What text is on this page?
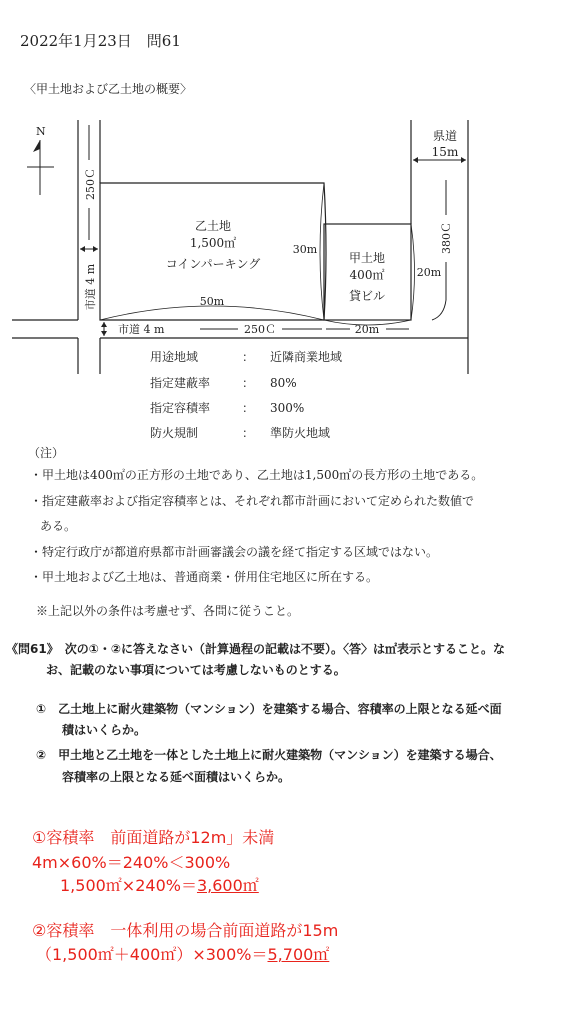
2022年1月23日　問61
〈甲土地および乙土地の概要〉
N
250Ｃ
市道 4 m
乙土地
1,500㎡
コインパーキング
30m
50m
甲土地
400㎡
貸ビル
20m
県道
15m
380Ｃ
市道 4 m	250Ｃ	20m
用途地域	： 近隣商業地域
指定建蔽率	： 80%
指定容積率	： 300%
防火規制	： 準防火地域
（注）
・甲土地は400㎡の正方形の土地であり、乙土地は1,500㎡の長方形の土地である。
・指定建蔽率および指定容積率とは、それぞれ都市計画において定められた数値で
ある。
・特定行政庁が都道府県都市計画審議会の議を経て指定する区域ではない。
・甲土地および乙土地は、普通商業・併用住宅地区に所在する。
※上記以外の条件は考慮せず、各問に従うこと。
《問61》　次の①・②に答えなさい（計算過程の記載は不要）。〈答〉は㎡表示とすること。な
お、記載のない事項については考慮しないものとする。
①　乙土地上に耐火建築物（マンション）を建築する場合、容積率の上限となる延べ面
積はいくらか。
②　甲土地と乙土地を一体とした土地上に耐火建築物（マンション）を建築する場合、
容積率の上限となる延べ面積はいくらか。
①容積率　前面道路が12m」未満
4m×60%＝240%＜300%
1,500㎡×240%＝3,600㎡
②容積率　一体利用の場合前面道路が15m
（1,500㎡＋400㎡）×300%＝5,700㎡
